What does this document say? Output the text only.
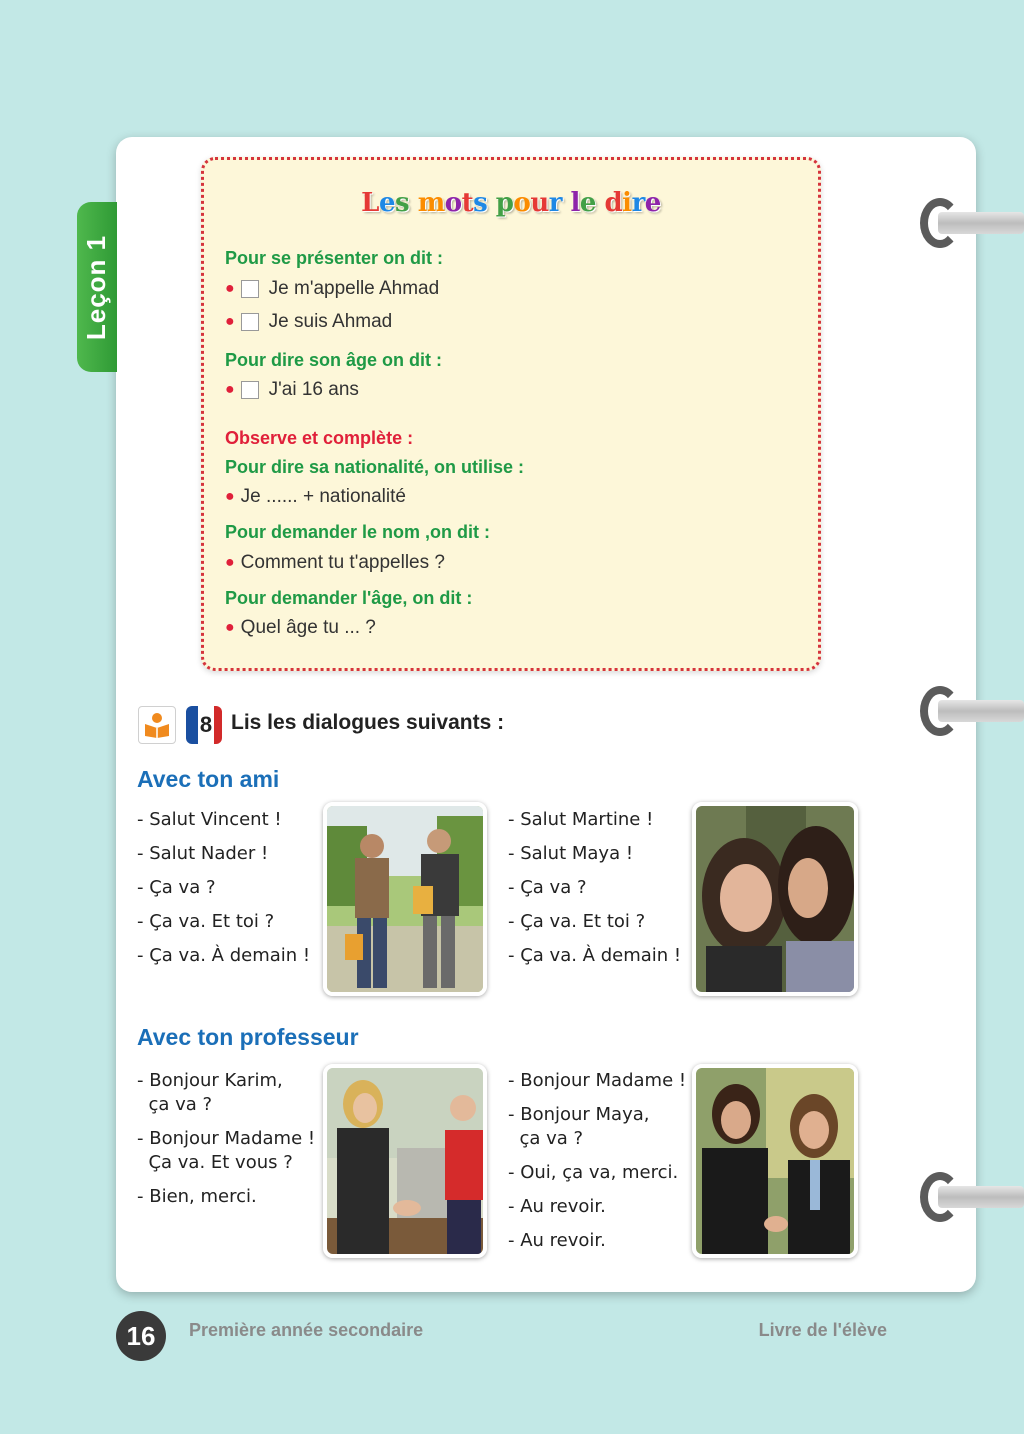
Leçon 1
Les mots pour le dire
Pour se présenter on dit :
● Je m'appelle Ahmad
● Je suis Ahmad
Pour dire son âge on dit :
● J'ai 16 ans
Observe et complète :
Pour dire sa nationalité, on utilise :
● Je ...... + nationalité
Pour demander le nom ,on dit :
● Comment tu t'appelles ?
Pour demander l'âge, on dit :
● Quel âge tu ... ?
8 Lis les dialogues suivants :
Avec ton ami
- Salut Vincent !
- Salut Nader !
- Ça va ?
- Ça va. Et toi ?
- Ça va. À demain !
- Salut Martine !
- Salut Maya !
- Ça va ?
- Ça va. Et toi ?
- Ça va. À demain !
Avec ton professeur
- Bonjour Karim,
ça va ?
- Bonjour Madame !
Ça va. Et vous ?
- Bien, merci.
- Bonjour Madame !
- Bonjour Maya,
ça va ?
- Oui, ça va, merci.
- Au revoir.
- Au revoir.
16	Première année secondaire	Livre de l'élève
